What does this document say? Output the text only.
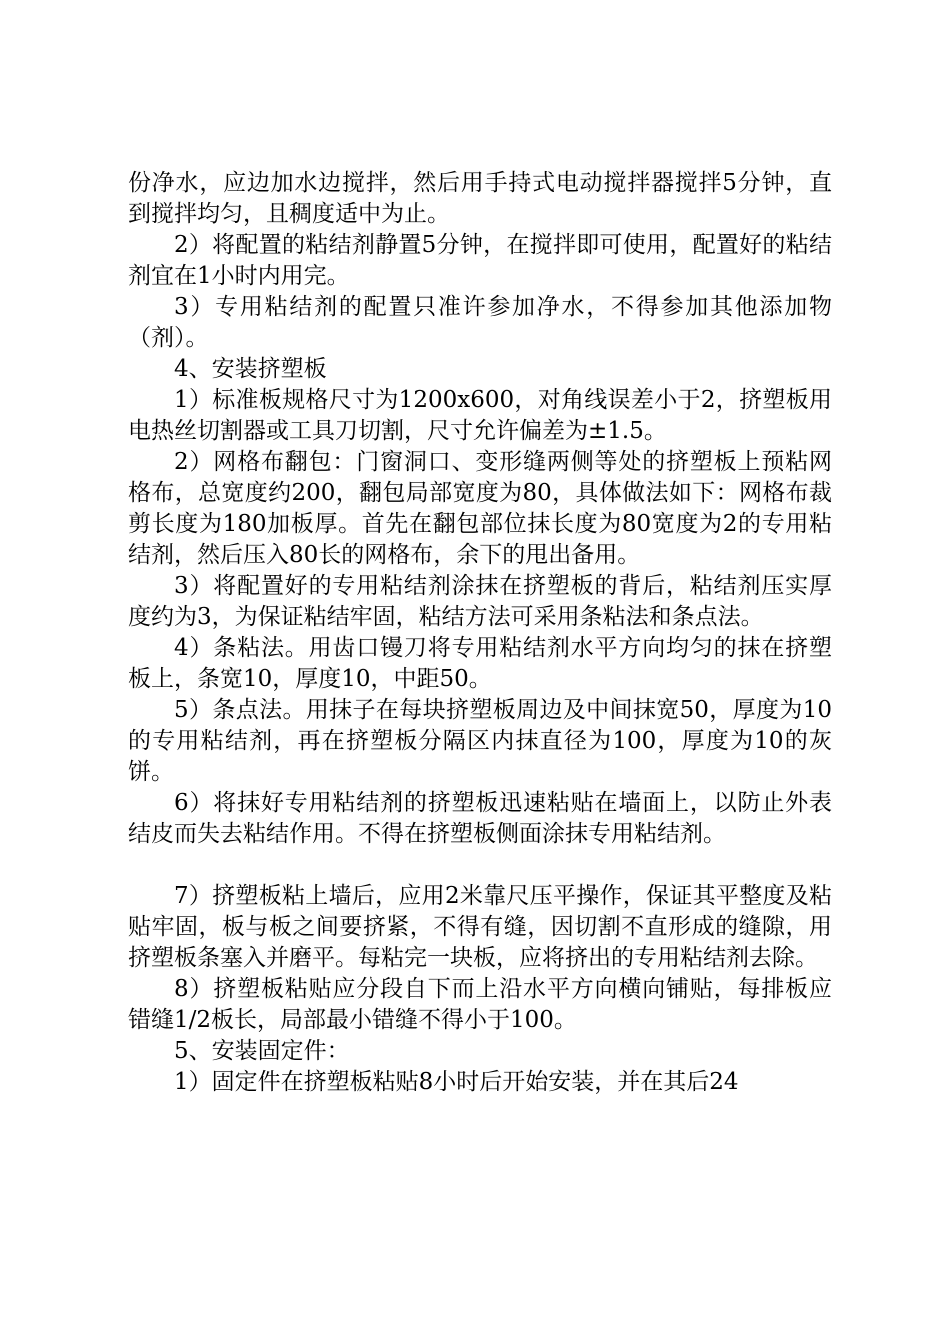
份净水，应边加水边搅拌，然后用手持式电动搅拌器搅拌5分钟，直到搅拌均匀，且稠度适中为止。

2）将配置的粘结剂静置5分钟，在搅拌即可使用，配置好的粘结剂宜在1小时内用完。

3）专用粘结剂的配置只准许参加净水，不得参加其他添加物（剂）。

4、安装挤塑板

1）标准板规格尺寸为1200x600，对角线误差小于2，挤塑板用电热丝切割器或工具刀切割，尺寸允许偏差为±1.5。

2）网格布翻包：门窗洞口、变形缝两侧等处的挤塑板上预粘网格布，总宽度约200，翻包局部宽度为80，具体做法如下：网格布裁剪长度为180加板厚。首先在翻包部位抹长度为80宽度为2的专用粘结剂，然后压入80长的网格布，余下的甩出备用。

3）将配置好的专用粘结剂涂抹在挤塑板的背后，粘结剂压实厚度约为3，为保证粘结牢固，粘结方法可采用条粘法和条点法。

4）条粘法。用齿口镘刀将专用粘结剂水平方向均匀的抹在挤塑板上，条宽10，厚度10，中距50。

5）条点法。用抹子在每块挤塑板周边及中间抹宽50，厚度为10的专用粘结剂，再在挤塑板分隔区内抹直径为100，厚度为10的灰饼。

6）将抹好专用粘结剂的挤塑板迅速粘贴在墙面上，以防止外表结皮而失去粘结作用。不得在挤塑板侧面涂抹专用粘结剂。

7）挤塑板粘上墙后，应用2米靠尺压平操作，保证其平整度及粘贴牢固，板与板之间要挤紧，不得有缝，因切割不直形成的缝隙，用挤塑板条塞入并磨平。每粘完一块板，应将挤出的专用粘结剂去除。

8）挤塑板粘贴应分段自下而上沿水平方向横向铺贴，每排板应错缝1/2板长，局部最小错缝不得小于100。

5、安装固定件：

1）固定件在挤塑板粘贴8小时后开始安装，并在其后24
